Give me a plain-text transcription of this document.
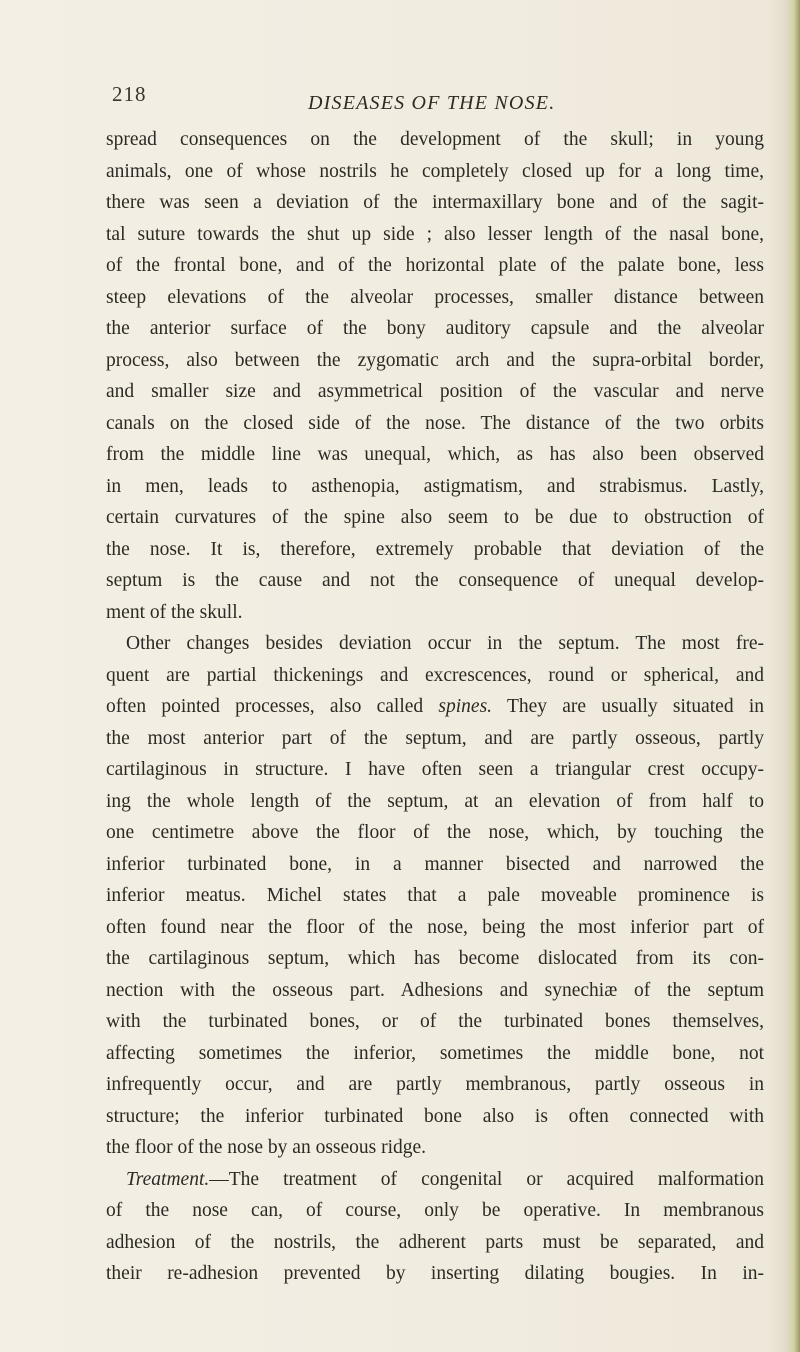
218	DISEASES OF THE NOSE.
spread consequences on the development of the skull; in young
animals, one of whose nostrils he completely closed up for a long time,
there was seen a deviation of the intermaxillary bone and of the sagit-
tal suture towards the shut up side ; also lesser length of the nasal bone,
of the frontal bone, and of the horizontal plate of the palate bone, less
steep elevations of the alveolar processes, smaller distance between
the anterior surface of the bony auditory capsule and the alveolar
process, also between the zygomatic arch and the supra-orbital border,
and smaller size and asymmetrical position of the vascular and nerve
canals on the closed side of the nose. The distance of the two orbits
from the middle line was unequal, which, as has also been observed
in men, leads to asthenopia, astigmatism, and strabismus. Lastly,
certain curvatures of the spine also seem to be due to obstruction of
the nose. It is, therefore, extremely probable that deviation of the
septum is the cause and not the consequence of unequal develop-
ment of the skull.
Other changes besides deviation occur in the septum. The most fre-
quent are partial thickenings and excrescences, round or spherical, and
often pointed processes, also called spines. They are usually situated in
the most anterior part of the septum, and are partly osseous, partly
cartilaginous in structure. I have often seen a triangular crest occupy-
ing the whole length of the septum, at an elevation of from half to
one centimetre above the floor of the nose, which, by touching the
inferior turbinated bone, in a manner bisected and narrowed the
inferior meatus. Michel states that a pale moveable prominence is
often found near the floor of the nose, being the most inferior part of
the cartilaginous septum, which has become dislocated from its con-
nection with the osseous part. Adhesions and synechiæ of the septum
with the turbinated bones, or of the turbinated bones themselves,
affecting sometimes the inferior, sometimes the middle bone, not
infrequently occur, and are partly membranous, partly osseous in
structure; the inferior turbinated bone also is often connected with
the floor of the nose by an osseous ridge.
Treatment.—The treatment of congenital or acquired malformation
of the nose can, of course, only be operative. In membranous
adhesion of the nostrils, the adherent parts must be separated, and
their re-adhesion prevented by inserting dilating bougies. In in-
